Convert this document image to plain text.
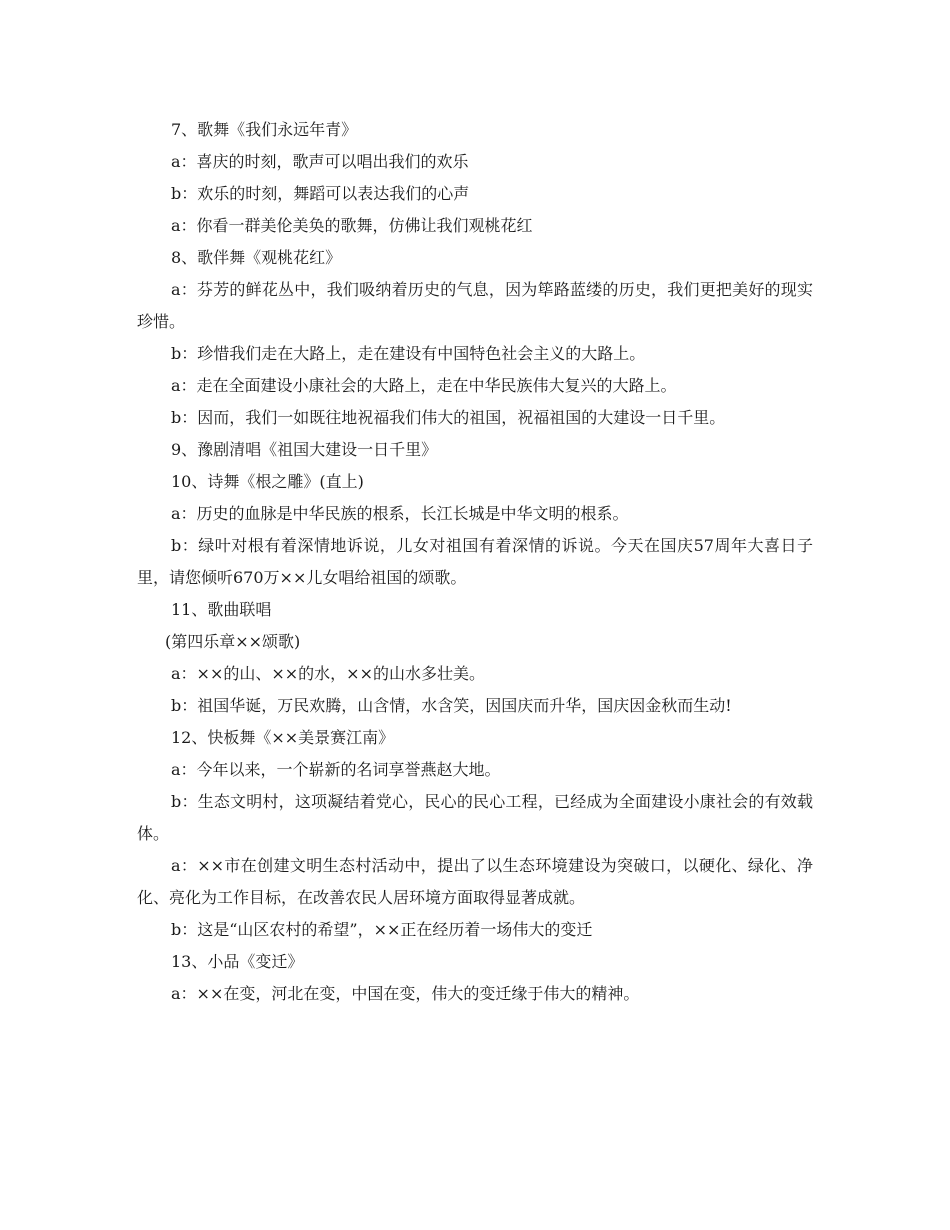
7、歌舞《我们永远年青》

a：喜庆的时刻，歌声可以唱出我们的欢乐

b：欢乐的时刻，舞蹈可以表达我们的心声

a：你看一群美伦美奂的歌舞，仿佛让我们观桃花红

8、歌伴舞《观桃花红》

a：芬芳的鲜花丛中，我们吸纳着历史的气息，因为筚路蓝缕的历史，我们更把美好的现实珍惜。

b：珍惜我们走在大路上，走在建设有中国特色社会主义的大路上。

a：走在全面建设小康社会的大路上，走在中华民族伟大复兴的大路上。

b：因而，我们一如既往地祝福我们伟大的祖国，祝福祖国的大建设一日千里。

9、豫剧清唱《祖国大建设一日千里》

10、诗舞《根之雕》(直上)

a：历史的血脉是中华民族的根系，长江长城是中华文明的根系。

b：绿叶对根有着深情地诉说，儿女对祖国有着深情的诉说。今天在国庆57周年大喜日子里，请您倾听670万××儿女唱给祖国的颂歌。

11、歌曲联唱

(第四乐章××颂歌)

a：××的山、××的水，××的山水多壮美。

b：祖国华诞，万民欢腾，山含情，水含笑，因国庆而升华，国庆因金秋而生动!

12、快板舞《××美景赛江南》

a：今年以来，一个崭新的名词享誉燕赵大地。

b：生态文明村，这项凝结着党心，民心的民心工程，已经成为全面建设小康社会的有效载体。

a：××市在创建文明生态村活动中，提出了以生态环境建设为突破口，以硬化、绿化、净化、亮化为工作目标，在改善农民人居环境方面取得显著成就。

b：这是“山区农村的希望”，××正在经历着一场伟大的变迁

13、小品《变迁》

a：××在变，河北在变，中国在变，伟大的变迁缘于伟大的精神。
